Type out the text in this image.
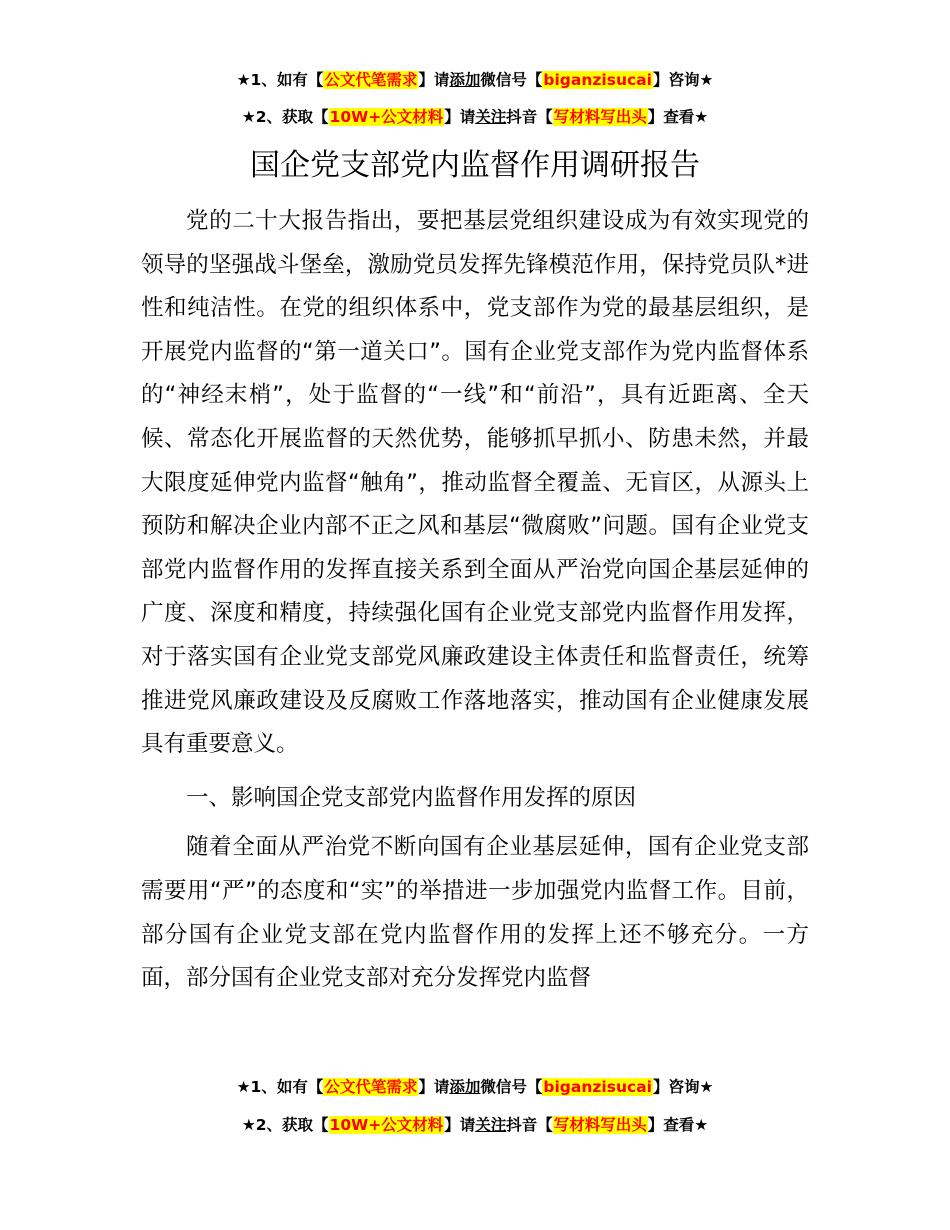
★1、如有【公文代笔需求】请添加微信号【biganzisucai】咨询★
★2、获取【10W+公文材料】请关注抖音【写材料写出头】查看★
国企党支部党内监督作用调研报告

党的二十大报告指出，要把基层党组织建设成为有效实现党的领导的坚强战斗堡垒，激励党员发挥先锋模范作用，保持党员队*进性和纯洁性。在党的组织体系中，党支部作为党的最基层组织，是开展党内监督的“第一道关口”。国有企业党支部作为党内监督体系的“神经末梢”，处于监督的“一线”和“前沿”，具有近距离、全天候、常态化开展监督的天然优势，能够抓早抓小、防患未然，并最大限度延伸党内监督“触角”，推动监督全覆盖、无盲区，从源头上预防和解决企业内部不正之风和基层“微腐败”问题。国有企业党支部党内监督作用的发挥直接关系到全面从严治党向国企基层延伸的广度、深度和精度，持续强化国有企业党支部党内监督作用发挥，对于落实国有企业党支部党风廉政建设主体责任和监督责任，统筹推进党风廉政建设及反腐败工作落地落实，推动国有企业健康发展具有重要意义。

一、影响国企党支部党内监督作用发挥的原因

随着全面从严治党不断向国有企业基层延伸，国有企业党支部需要用“严”的态度和“实”的举措进一步加强党内监督工作。目前，部分国有企业党支部在党内监督作用的发挥上还不够充分。一方面，部分国有企业党支部对充分发挥党内监督

★1、如有【公文代笔需求】请添加微信号【biganzisucai】咨询★
★2、获取【10W+公文材料】请关注抖音【写材料写出头】查看★
